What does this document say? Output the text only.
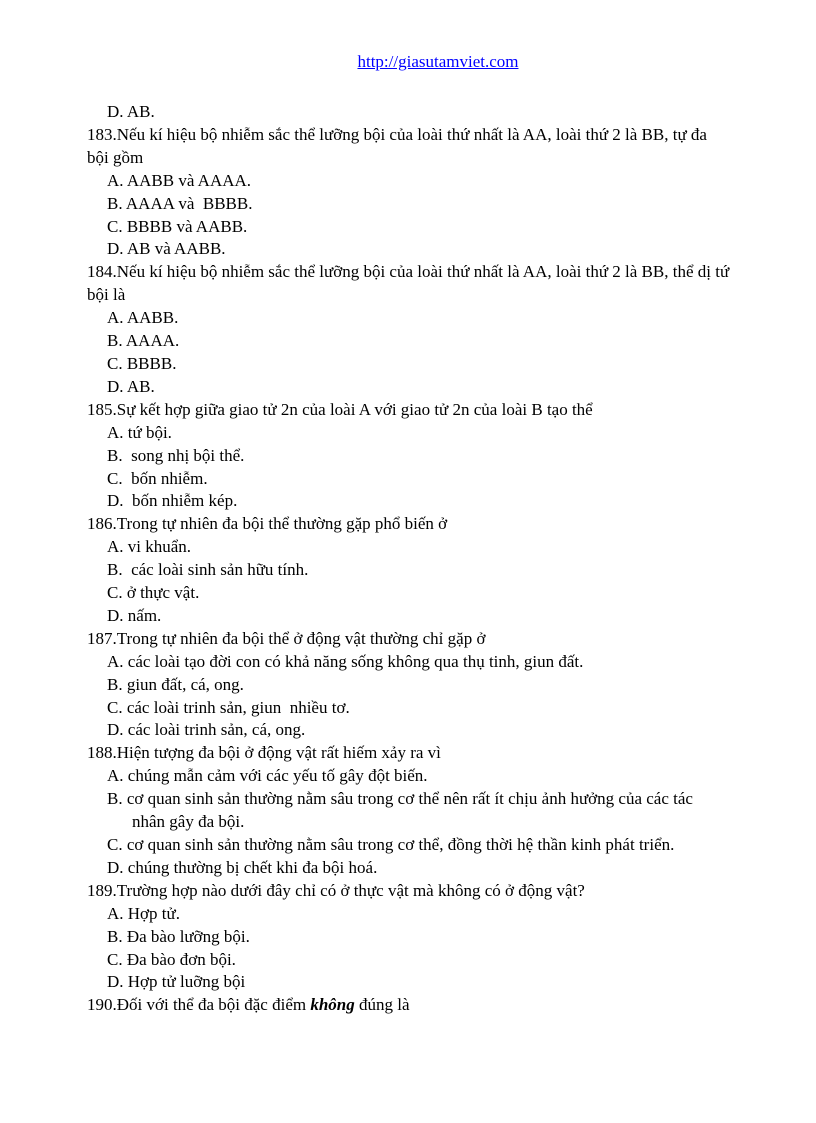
http://giasutamviet.com
D. AB.
183.Nếu kí hiệu bộ nhiễm sắc thể lưỡng bội của loài thứ nhất là AA, loài thứ 2 là BB, tự đa
bội gồm
A. AABB và AAAA.
B. AAAA và  BBBB.
C. BBBB và AABB.
D. AB và AABB.
184.Nếu kí hiệu bộ nhiễm sắc thể lưỡng bội của loài thứ nhất là AA, loài thứ 2 là BB, thể dị tứ
bội là
A. AABB.
B. AAAA.
C. BBBB.
D. AB.
185.Sự kết hợp giữa giao tử 2n của loài A với giao tử 2n của loài B tạo thể
A. tứ bội.
B.  song nhị bội thể.
C.  bốn nhiễm.
D.  bốn nhiễm kép.
186.Trong tự nhiên đa bội thể thường gặp phổ biến ở
A. vi khuẩn.
B.  các loài sinh sản hữu tính.
C. ở thực vật.
D. nấm.
187.Trong tự nhiên đa bội thể ở động vật thường chỉ gặp ở
A. các loài tạo đời con có khả năng sống không qua thụ tinh, giun đất.
B. giun đất, cá, ong.
C. các loài trinh sản, giun  nhiều tơ.
D. các loài trinh sản, cá, ong.
188.Hiện tượng đa bội ở động vật rất hiếm xảy ra vì
A. chúng mẫn cảm với các yếu tố gây đột biến.
B. cơ quan sinh sản thường nằm sâu trong cơ thể nên rất ít chịu ảnh hưởng của các tác
nhân gây đa bội.
C. cơ quan sinh sản thường nằm sâu trong cơ thể, đồng thời hệ thần kinh phát triển.
D. chúng thường bị chết khi đa bội hoá.
189.Trường hợp nào dưới đây chỉ có ở thực vật mà không có ở động vật?
A. Hợp tử.
B. Đa bào lưỡng bội.
C. Đa bào đơn bội.
D. Hợp tử luỡng bội
190.Đối với thể đa bội đặc điểm không đúng là
